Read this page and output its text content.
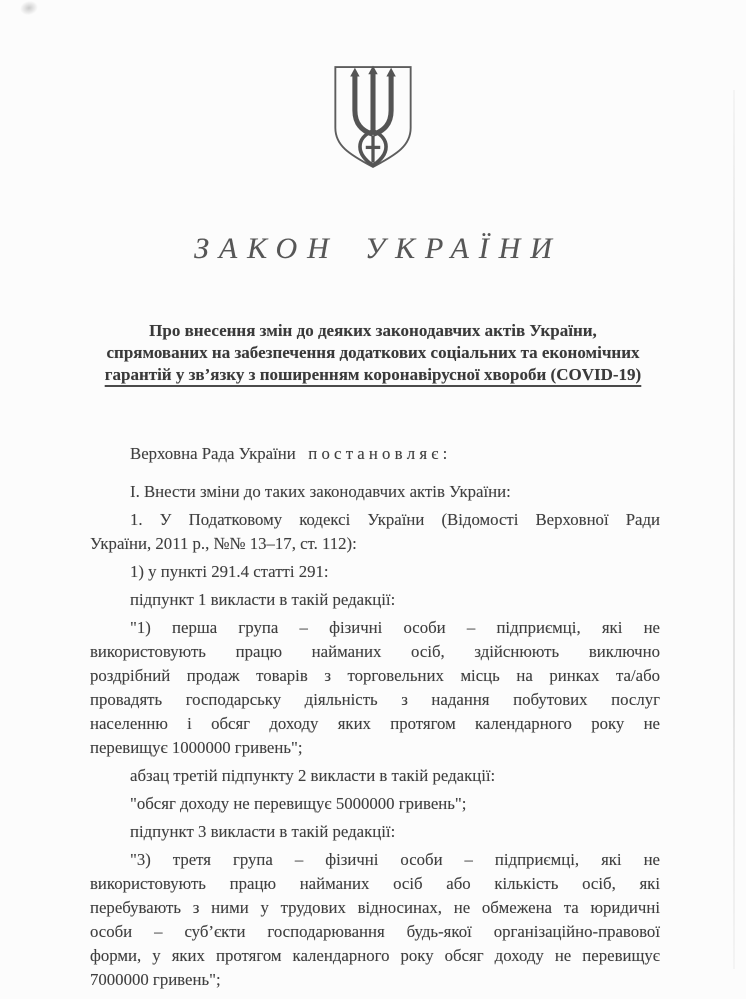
ЗАКОН УКРАЇНИ
Про внесення змін до деяких законодавчих актів України,
спрямованих на забезпечення додаткових соціальних та економічних
гарантій у зв’язку з поширенням коронавірусної хвороби (COVID-19)
Верховна Рада України   п о с т а н о в л я є :
І. Внести зміни до таких законодавчих актів України:
1. У Податковому кодексі України (Відомості Верховної Ради
України, 2011 р., №№ 13–17, ст. 112):
1) у пункті 291.4 статті 291:
підпункт 1 викласти в такій редакції:
"1) перша група – фізичні особи – підприємці, які не
використовують працю найманих осіб, здійснюють виключно
роздрібний продаж товарів з торговельних місць на ринках та/або
провадять господарську діяльність з надання побутових послуг
населенню і обсяг доходу яких протягом календарного року не
перевищує 1000000 гривень";
абзац третій підпункту 2 викласти в такій редакції:
"обсяг доходу не перевищує 5000000 гривень";
підпункт 3 викласти в такій редакції:
"3) третя група – фізичні особи – підприємці, які не
використовують працю найманих осіб або кількість осіб, які
перебувають з ними у трудових відносинах, не обмежена та юридичні
особи – суб’єкти господарювання будь-якої організаційно-правової
форми, у яких протягом календарного року обсяг доходу не перевищує
7000000 гривень";
